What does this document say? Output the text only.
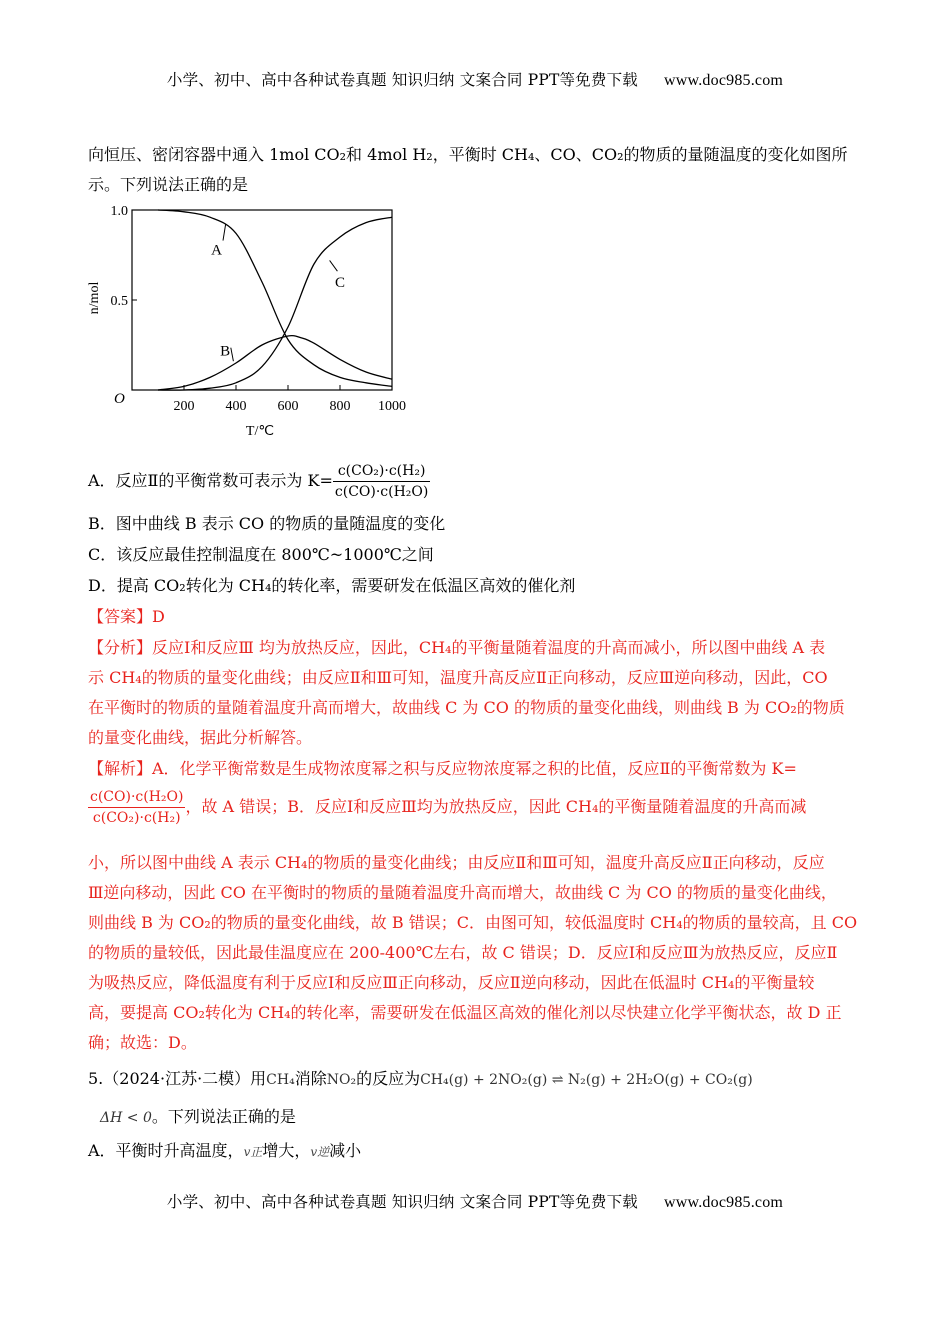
小学、初中、高中各种试卷真题 知识归纳 文案合同 PPT等免费下载 www.doc985.com
向恒压、密闭容器中通入 1mol CO₂和 4mol H₂，平衡时 CH₄、CO、CO₂的物质的量随温度的变化如图所
示。下列说法正确的是
1.0
0.5
200 400 600 800 1000
O
T/℃
n/mol
A
B
C
A．反应Ⅱ的平衡常数可表示为 $K= \frac{\text{c(CO₂)·c(H₂)}}{\text{c(CO)·c(H₂O)}}$
B．图中曲线 B 表示 CO 的物质的量随温度的变化
C．该反应最佳控制温度在 800℃~1000℃之间
D．提高 CO₂转化为 CH₄的转化率，需要研发在低温区高效的催化剂
【答案】D
【分析】反应Ⅰ和反应Ⅲ 均为放热反应，因此，CH₄的平衡量随着温度的升高而减小，所以图中曲线 A 表
示 CH₄的物质的量变化曲线；由反应Ⅱ和Ⅲ可知，温度升高反应Ⅱ正向移动，反应Ⅲ逆向移动，因此，CO
在平衡时的物质的量随着温度升高而增大，故曲线 C 为 CO 的物质的量变化曲线，则曲线 B 为 CO₂的物质
的量变化曲线，据此分析解答。
【解析】A．化学平衡常数是生成物浓度幂之积与反应物浓度幂之积的比值，反应Ⅱ的平衡常数为 K=
$\frac{\text{c(CO)·c(H₂O)}}{\text{c(CO₂)·c(H₂)}}$ ，故 A 错误；B．反应Ⅰ和反应Ⅲ均为放热反应，因此 CH₄的平衡量随着温度的升高而减
小，所以图中曲线 A 表示 CH₄的物质的量变化曲线；由反应Ⅱ和Ⅲ可知，温度升高反应Ⅱ正向移动，反应
Ⅲ逆向移动，因此 CO 在平衡时的物质的量随着温度升高而增大，故曲线 C 为 CO 的物质的量变化曲线，
则曲线 B 为 CO₂的物质的量变化曲线，故 B 错误；C．由图可知，较低温度时 CH₄的物质的量较高，且 CO
的物质的量较低，因此最佳温度应在 200-400℃左右，故 C 错误；D．反应Ⅰ和反应Ⅲ为放热反应，反应Ⅱ
为吸热反应，降低温度有利于反应Ⅰ和反应Ⅲ正向移动，反应Ⅱ逆向移动，因此在低温时 CH₄的平衡量较
高，要提高 CO₂转化为 CH₄的转化率，需要研发在低温区高效的催化剂以尽快建立化学平衡状态，故 D 正
确；故选：D。
5.（2024·江苏·二模）用CH₄消除NO₂的反应为CH₄(g) + 2NO₂(g) ⇌ N₂(g) + 2H₂O(g) + CO₂(g)
ΔH < 0。下列说法正确的是
A．平衡时升高温度，v正增大，v逆减小
小学、初中、高中各种试卷真题 知识归纳 文案合同 PPT等免费下载 www.doc985.com
